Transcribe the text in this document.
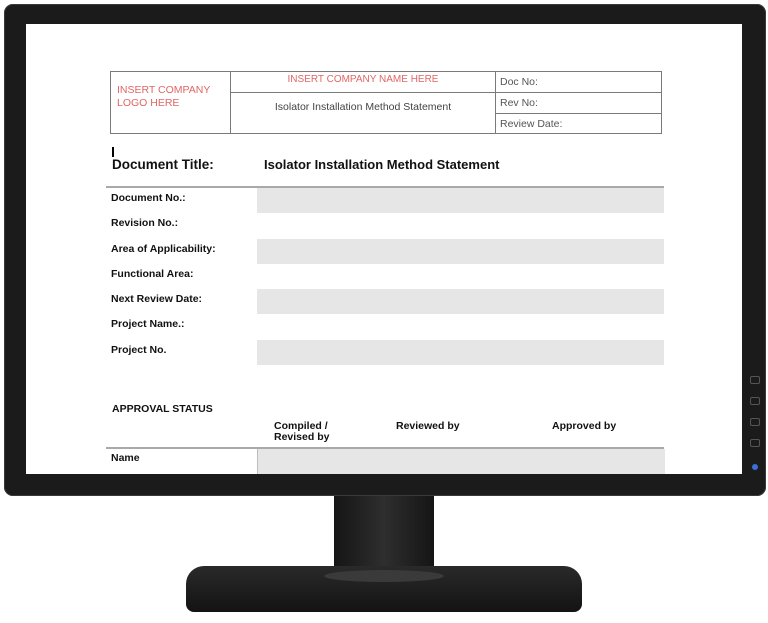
INSERT COMPANY LOGO HERE
INSERT COMPANY NAME HERE
Isolator Installation Method Statement
Doc No:
Rev No:
Review Date:
Document Title:	Isolator Installation Method Statement
Document No.:
Revision No.:
Area of Applicability:
Functional Area:
Next Review Date:
Project Name.:
Project No.
APPROVAL STATUS
Compiled / Revised by
Reviewed by	Approved by
Name
